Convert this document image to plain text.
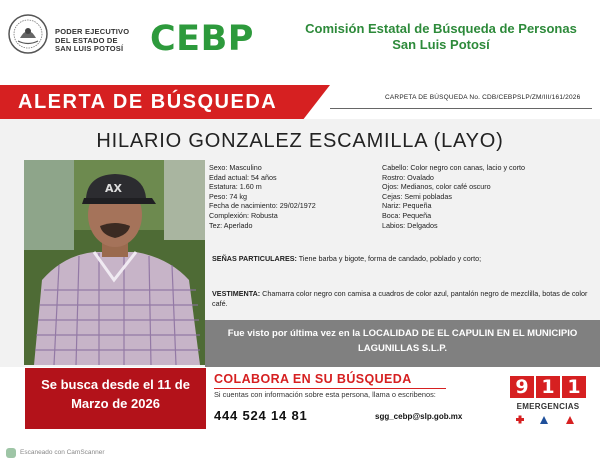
PODER EJECUTIVO
DEL ESTADO DE
SAN LUIS POTOSÍ CEBP	Comisión Estatal de Búsqueda de Personas
San Luis Potosí
ALERTA DE BÚSQUEDA	CARPETA DE BÚSQUEDA No. CDB/CEBPSLP/ZM/III/161/2026
HILARIO GONZALEZ ESCAMILLA (LAYO)
AX
Sexo: Masculino
Edad actual: 54 años
Estatura: 1.60 m
Peso: 74 kg
Fecha de nacimiento: 29/02/1972
Complexión: Robusta
Tez: Aperlado
Cabello: Color negro con canas, lacio y corto
Rostro: Ovalado
Ojos: Medianos, color café oscuro
Cejas: Semi pobladas
Nariz: Pequeña
Boca: Pequeña
Labios: Delgados
SEÑAS PARTICULARES: Tiene barba y bigote, forma de candado, poblado y corto;
VESTIMENTA: Chamarra color negro con camisa a cuadros de color azul, pantalón negro de mezclilla, botas de color café.
Fue visto por última vez en la LOCALIDAD DE EL CAPULIN EN EL MUNICIPIO LAGUNILLAS S.L.P.
Se busca desde el 11 de Marzo de 2026
COLABORA EN SU BÚSQUEDA
Si cuentas con información sobre esta persona, llama o escribenos:
444 524 14 81	sgg_cebp@slp.gob.mx
9 1 1
EMERGENCIAS
Escaneado con CamScanner
